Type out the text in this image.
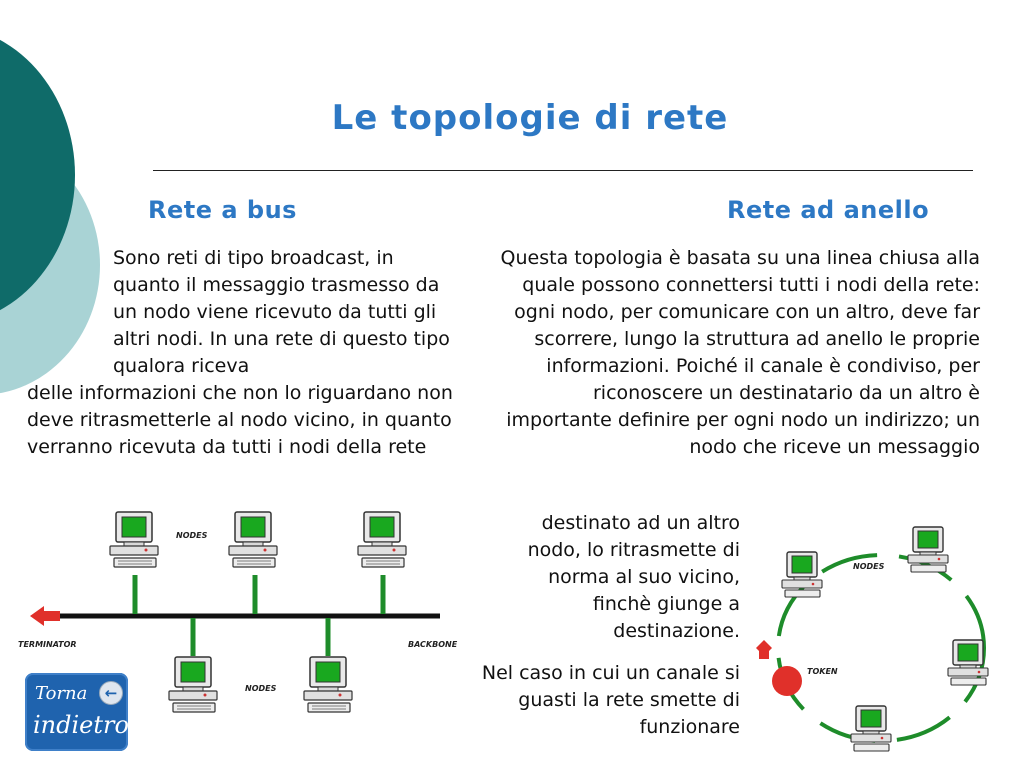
Le topologie di rete
Rete a bus	Rete ad anello

Sono reti di tipo broadcast, in quanto il messaggio trasmesso da un nodo viene ricevuto da tutti gli altri nodi. In una rete di questo tipo qualora riceva

delle informazioni che non lo riguardano non deve ritrasmetterle al nodo vicino, in quanto verranno ricevuta da tutti i nodi della rete

Questa topologia è basata su una linea chiusa alla quale possono connettersi tutti i nodi della rete: ogni nodo, per comunicare con un altro, deve far scorrere, lungo la struttura ad anello le proprie informazioni. Poiché il canale è condiviso, per riconoscere un destinatario da un altro è importante definire per ogni nodo un indirizzo; un nodo che riceve un messaggio

destinato ad un altro nodo, lo ritrasmette di norma al suo vicino, finchè giunge a destinazione.

Nel caso in cui un canale si guasti la rete smette di funzionare

NODES
NODES
TERMINATOR	BACKBONE
NODES
TOKEN
Torna
indietro
←
